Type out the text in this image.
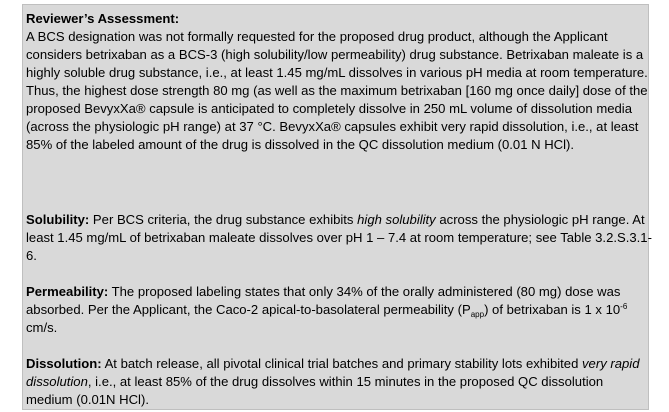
Reviewer’s Assessment:

A BCS designation was not formally requested for the proposed drug product, although the Applicant considers betrixaban as a BCS-3 (high solubility/low permeability) drug substance. Betrixaban maleate is a highly soluble drug substance, i.e., at least 1.45 mg/mL dissolves in various pH media at room temperature. Thus, the highest dose strength 80 mg (as well as the maximum betrixaban [160 mg once daily] dose of the proposed BevyxXa® capsule is anticipated to completely dissolve in 250 mL volume of dissolution media (across the physiologic pH range) at 37 °C. BevyxXa® capsules exhibit very rapid dissolution, i.e., at least 85% of the labeled amount of the drug is dissolved in the QC dissolution medium (0.01 N HCl).

Solubility: Per BCS criteria, the drug substance exhibits high solubility across the physiologic pH range. At least 1.45 mg/mL of betrixaban maleate dissolves over pH 1 – 7.4 at room temperature; see Table 3.2.S.3.1-6.

Permeability: The proposed labeling states that only 34% of the orally administered (80 mg) dose was absorbed. Per the Applicant, the Caco-2 apical-to-basolateral permeability $(P_{app})$ of betrixaban is 1 x $10^{-6}$ cm/s.

Dissolution: At batch release, all pivotal clinical trial batches and primary stability lots exhibited very rapid dissolution, i.e., at least 85% of the drug dissolves within 15 minutes in the proposed QC dissolution medium (0.01N HCl).
